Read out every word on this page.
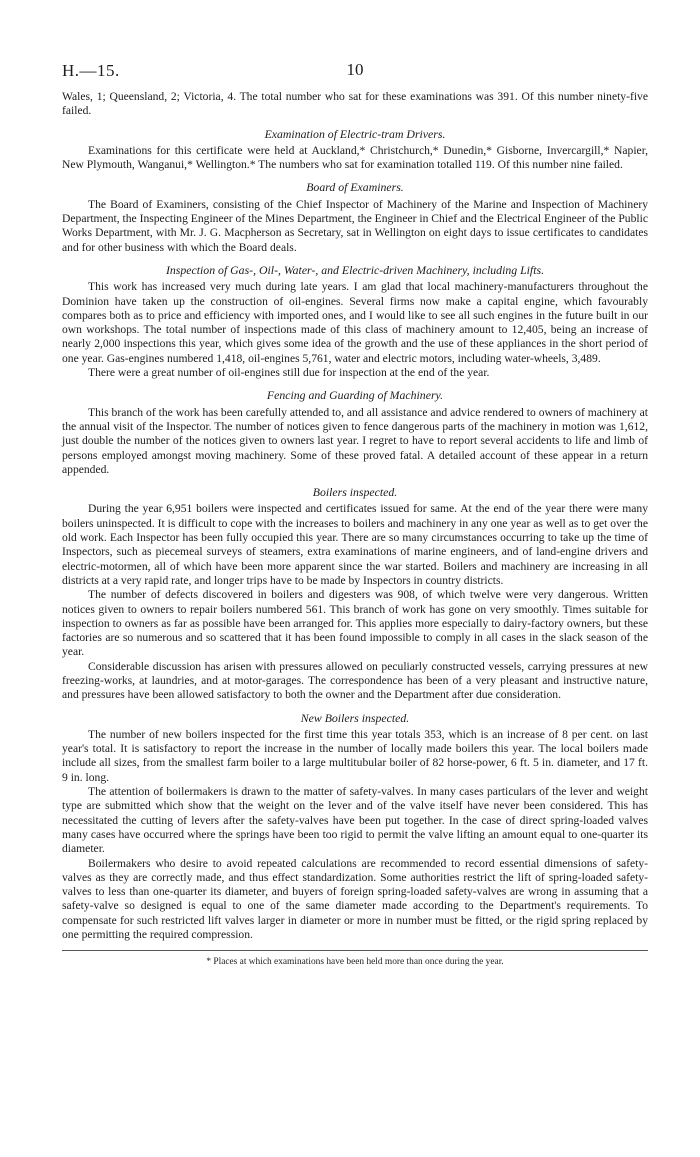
H.—15.	10

Wales, 1; Queensland, 2; Victoria, 4. The total number who sat for these examinations was 391. Of this number ninety-five failed.

Examination of Electric-tram Drivers.

Examinations for this certificate were held at Auckland,* Christchurch,* Dunedin,* Gisborne, Invercargill,* Napier, New Plymouth, Wanganui,* Wellington.* The numbers who sat for examination totalled 119. Of this number nine failed.

Board of Examiners.

The Board of Examiners, consisting of the Chief Inspector of Machinery of the Marine and Inspection of Machinery Department, the Inspecting Engineer of the Mines Department, the Engineer in Chief and the Electrical Engineer of the Public Works Department, with Mr. J. G. Macpherson as Secretary, sat in Wellington on eight days to issue certificates to candidates and for other business with which the Board deals.

Inspection of Gas-, Oil-, Water-, and Electric-driven Machinery, including Lifts.

This work has increased very much during late years. I am glad that local machinery-manufacturers throughout the Dominion have taken up the construction of oil-engines. Several firms now make a capital engine, which favourably compares both as to price and efficiency with imported ones, and I would like to see all such engines in the future built in our own workshops. The total number of inspections made of this class of machinery amount to 12,405, being an increase of nearly 2,000 inspections this year, which gives some idea of the growth and the use of these appliances in the short period of one year. Gas-engines numbered 1,418, oil-engines 5,761, water and electric motors, including water-wheels, 3,489.

There were a great number of oil-engines still due for inspection at the end of the year.

Fencing and Guarding of Machinery.

This branch of the work has been carefully attended to, and all assistance and advice rendered to owners of machinery at the annual visit of the Inspector. The number of notices given to fence dangerous parts of the machinery in motion was 1,612, just double the number of the notices given to owners last year. I regret to have to report several accidents to life and limb of persons employed amongst moving machinery. Some of these proved fatal. A detailed account of these appear in a return appended.

Boilers inspected.

During the year 6,951 boilers were inspected and certificates issued for same. At the end of the year there were many boilers uninspected. It is difficult to cope with the increases to boilers and machinery in any one year as well as to get over the old work. Each Inspector has been fully occupied this year. There are so many circumstances occurring to take up the time of Inspectors, such as piecemeal surveys of steamers, extra examinations of marine engineers, and of land-engine drivers and electric-motormen, all of which have been more apparent since the war started. Boilers and machinery are increasing in all districts at a very rapid rate, and longer trips have to be made by Inspectors in country districts.

The number of defects discovered in boilers and digesters was 908, of which twelve were very dangerous. Written notices given to owners to repair boilers numbered 561. This branch of work has gone on very smoothly. Times suitable for inspection to owners as far as possible have been arranged for. This applies more especially to dairy-factory owners, but these factories are so numerous and so scattered that it has been found impossible to comply in all cases in the slack season of the year.

Considerable discussion has arisen with pressures allowed on peculiarly constructed vessels, carrying pressures at new freezing-works, at laundries, and at motor-garages. The correspondence has been of a very pleasant and instructive nature, and pressures have been allowed satisfactory to both the owner and the Department after due consideration.

New Boilers inspected.

The number of new boilers inspected for the first time this year totals 353, which is an increase of 8 per cent. on last year's total. It is satisfactory to report the increase in the number of locally made boilers this year. The local boilers made include all sizes, from the smallest farm boiler to a large multitubular boiler of 82 horse-power, 6 ft. 5 in. diameter, and 17 ft. 9 in. long.

The attention of boilermakers is drawn to the matter of safety-valves. In many cases particulars of the lever and weight type are submitted which show that the weight on the lever and of the valve itself have never been considered. This has necessitated the cutting of levers after the safety-valves have been put together. In the case of direct spring-loaded valves many cases have occurred where the springs have been too rigid to permit the valve lifting an amount equal to one-quarter its diameter.

Boilermakers who desire to avoid repeated calculations are recommended to record essential dimensions of safety-valves as they are correctly made, and thus effect standardization. Some authorities restrict the lift of spring-loaded safety-valves to less than one-quarter its diameter, and buyers of foreign spring-loaded safety-valves are wrong in assuming that a safety-valve so designed is equal to one of the same diameter made according to the Department's requirements. To compensate for such restricted lift valves larger in diameter or more in number must be fitted, or the rigid spring replaced by one permitting the required compression.

* Places at which examinations have been held more than once during the year.
